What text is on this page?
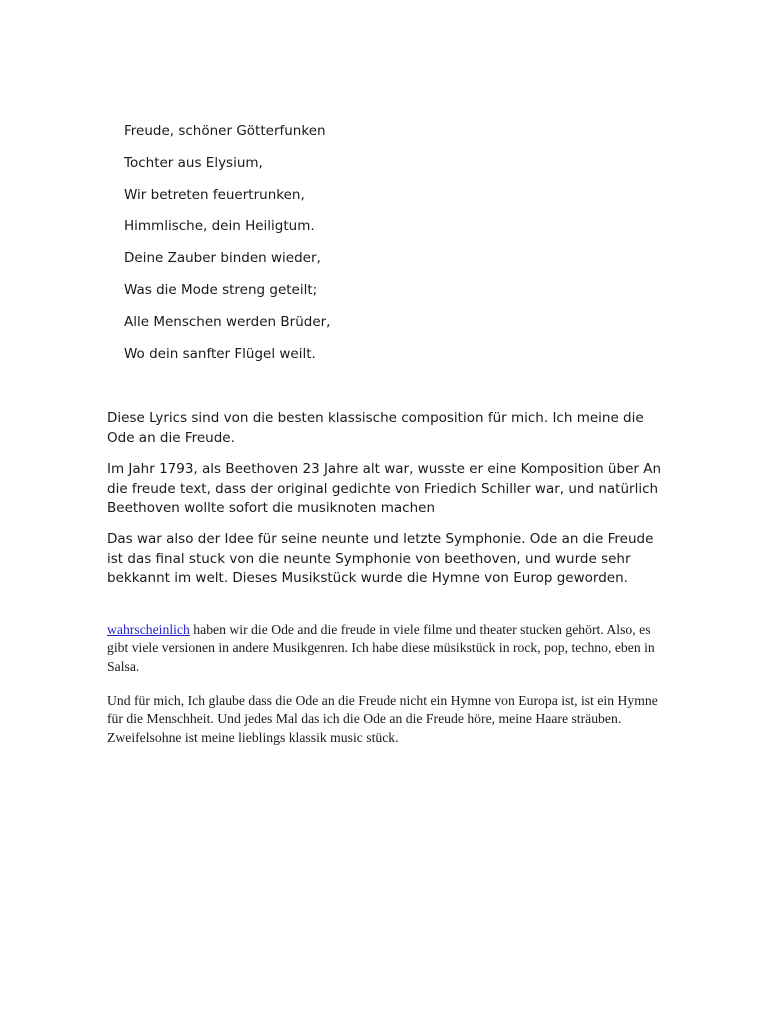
Freude, schöner Götterfunken
Tochter aus Elysium,
Wir betreten feuertrunken,
Himmlische, dein Heiligtum.
Deine Zauber binden wieder,
Was die Mode streng geteilt;
Alle Menschen werden Brüder,
Wo dein sanfter Flügel weilt.

Diese Lyrics sind von die besten klassische composition für mich. Ich meine die Ode an die Freude.

Im Jahr 1793, als Beethoven 23 Jahre alt war, wusste er eine Komposition über An die freude text, dass der original gedichte von Friedich Schiller war, und natürlich Beethoven wollte sofort die musiknoten machen

Das war also der Idee für seine neunte und letzte Symphonie. Ode an die Freude ist das final stuck von die neunte Symphonie von beethoven, und wurde sehr bekkannt im welt. Dieses Musikstück wurde die Hymne von Europ geworden.

wahrscheinlich haben wir die Ode and die freude in viele filme und theater stucken gehört. Also, es gibt viele versionen in andere Musikgenren. Ich habe diese müsikstück in rock, pop, techno, eben in Salsa.

Und für mich, Ich glaube dass die Ode an die Freude nicht ein Hymne von Europa ist, ist ein Hymne für die Menschheit. Und jedes Mal das ich die Ode an die Freude höre, meine Haare sträuben. Zweifelsohne ist meine lieblings klassik music stück.
